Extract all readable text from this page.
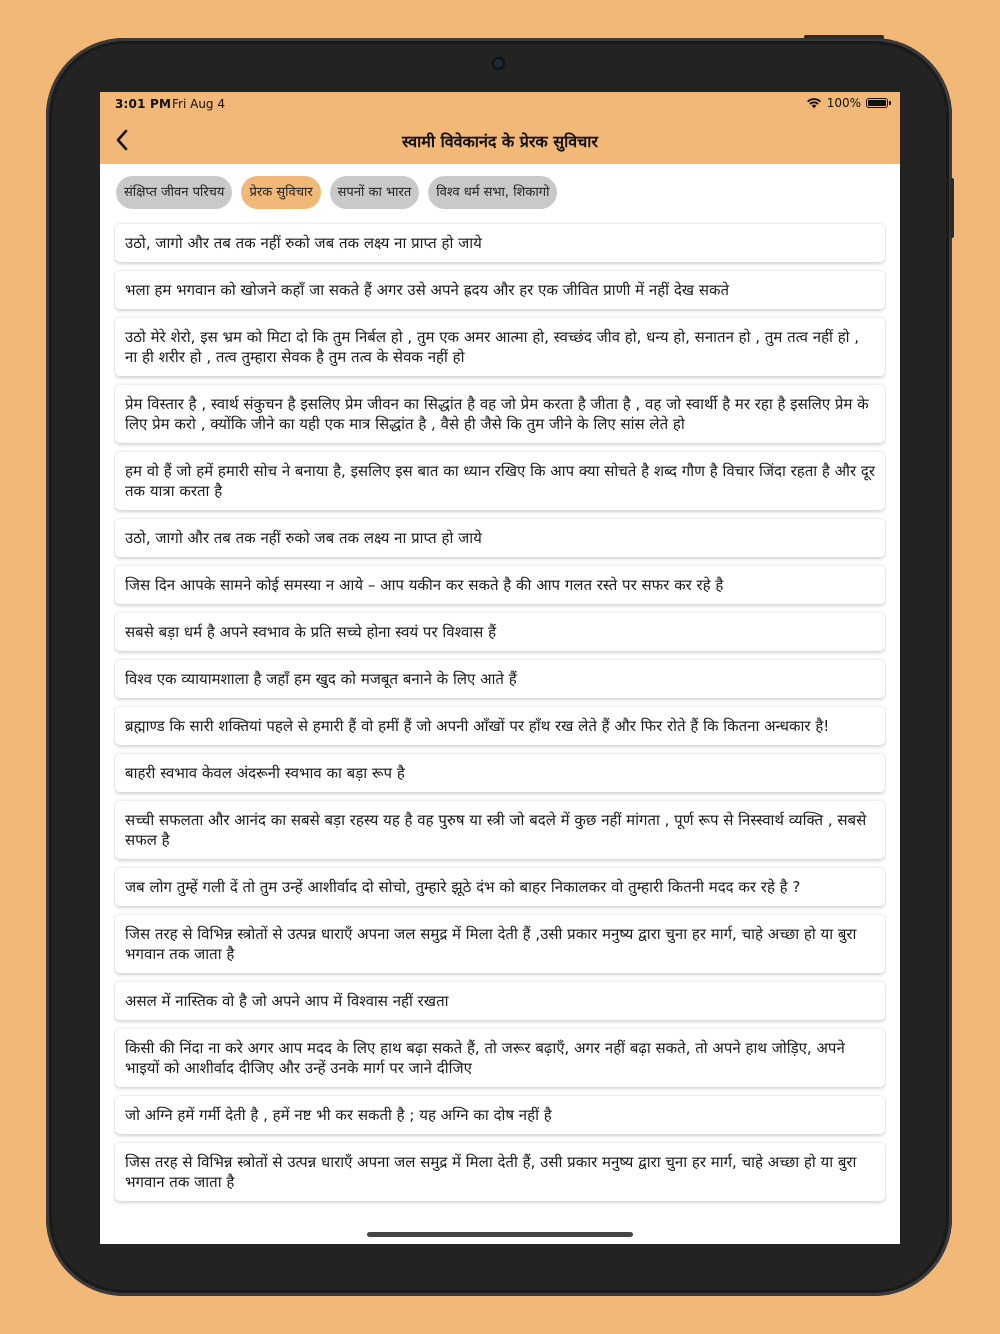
3:01 PM Fri Aug 4	100%
स्वामी विवेकानंद के प्रेरक सुविचार
संक्षिप्त जीवन परिचय	प्रेरक सुविचार	सपनों का भारत	विश्व धर्म सभा, शिकागो
उठो, जागो और तब तक नहीं रुको जब तक लक्ष्य ना प्राप्त हो जाये
भला हम भगवान को खोजने कहाँ जा सकते हैं अगर उसे अपने ह्रदय और हर एक जीवित प्राणी में नहीं देख सकते
उठो मेरे शेरो, इस भ्रम को मिटा दो कि तुम निर्बल हो , तुम एक अमर आत्मा हो, स्वच्छंद जीव हो, धन्य हो, सनातन हो , तुम तत्व नहीं हो , ना ही शरीर हो , तत्व तुम्हारा सेवक है तुम तत्व के सेवक नहीं हो
प्रेम विस्तार है , स्वार्थ संकुचन है इसलिए प्रेम जीवन का सिद्धांत है वह जो प्रेम करता है जीता है , वह जो स्वार्थी है मर रहा है इसलिए प्रेम के लिए प्रेम करो , क्योंकि जीने का यही एक मात्र सिद्धांत है , वैसे ही जैसे कि तुम जीने के लिए सांस लेते हो
हम वो हैं जो हमें हमारी सोच ने बनाया है, इसलिए इस बात का ध्यान रखिए कि आप क्या सोचते है शब्द गौण है विचार जिंदा रहता है और दूर तक यात्रा करता है
उठो, जागो और तब तक नहीं रुको जब तक लक्ष्य ना प्राप्त हो जाये
जिस दिन आपके सामने कोई समस्या न आये – आप यकीन कर सकते है की आप गलत रस्ते पर सफर कर रहे है
सबसे बड़ा धर्म है अपने स्वभाव के प्रति सच्चे होना स्वयं पर विश्वास हैं
विश्व एक व्यायामशाला है जहाँ हम खुद को मजबूत बनाने के लिए आते हैं
ब्रह्माण्ड कि सारी शक्तियां पहले से हमारी हैं वो हमीं हैं जो अपनी आँखों पर हाँथ रख लेते हैं और फिर रोते हैं कि कितना अन्धकार है!
बाहरी स्वभाव केवल अंदरूनी स्वभाव का बड़ा रूप है
सच्ची सफलता और आनंद का सबसे बड़ा रहस्य यह है वह पुरुष या स्त्री जो बदले में कुछ नहीं मांगता , पूर्ण रूप से निस्स्वार्थ व्यक्ति , सबसे सफल है
जब लोग तुम्हें गली दें तो तुम उन्हें आशीर्वाद दो सोचो, तुम्हारे झूठे दंभ को बाहर निकालकर वो तुम्हारी कितनी मदद कर रहे है ?
जिस तरह से विभिन्न स्त्रोतों से उत्पन्न धाराएँ अपना जल समुद्र में मिला देती हैं ,उसी प्रकार मनुष्य द्वारा चुना हर मार्ग, चाहे अच्छा हो या बुरा भगवान तक जाता है
असल में नास्तिक वो है जो अपने आप में विश्वास नहीं रखता
किसी की निंदा ना करे अगर आप मदद के लिए हाथ बढ़ा सकते हैं, तो जरूर बढ़ाएँ, अगर नहीं बढ़ा सकते, तो अपने हाथ जोड़िए, अपने भाइयों को आशीर्वाद दीजिए और उन्हें उनके मार्ग पर जाने दीजिए
जो अग्नि हमें गर्मी देती है , हमें नष्ट भी कर सकती है ; यह अग्नि का दोष नहीं है
जिस तरह से विभिन्न स्त्रोतों से उत्पन्न धाराएँ अपना जल समुद्र में मिला देती हैं, उसी प्रकार मनुष्य द्वारा चुना हर मार्ग, चाहे अच्छा हो या बुरा भगवान तक जाता है
